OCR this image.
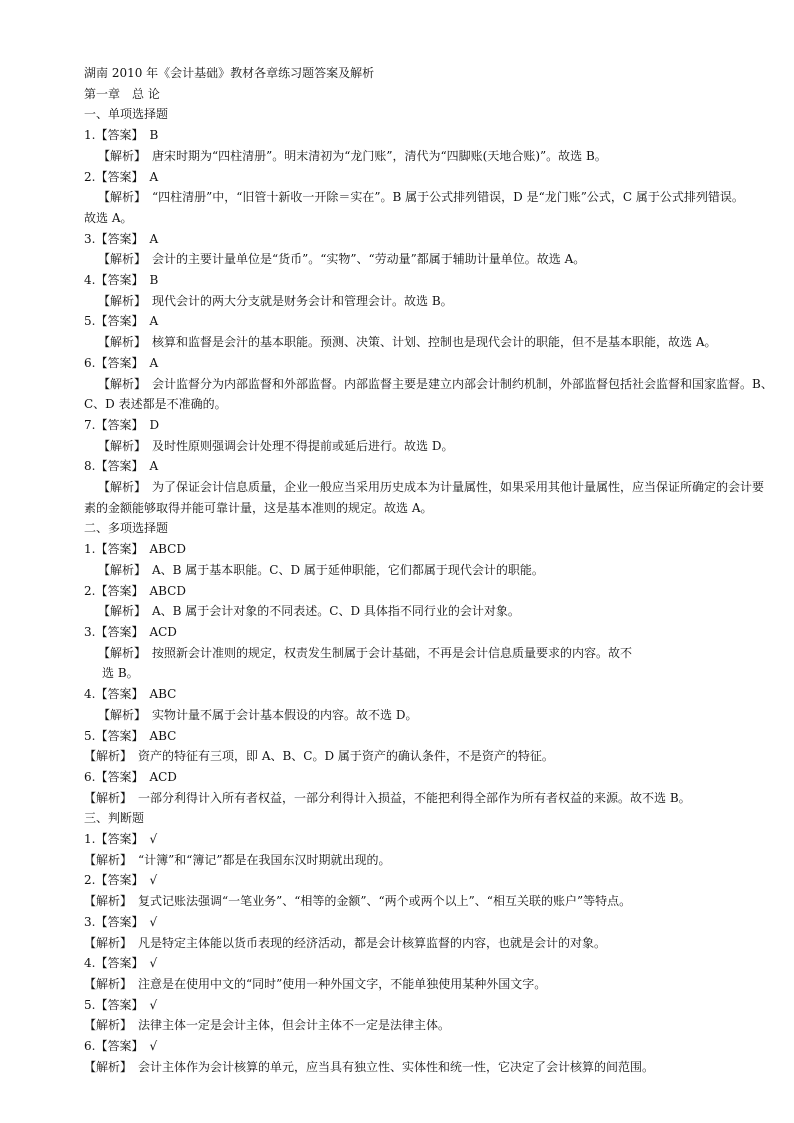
湖南 2010 年《会计基础》教材各章练习题答案及解析
第一章　总 论
一、单项选择题
1.【答案】　B
【解析】　唐宋时期为“四柱清册”。明末清初为“龙门账”，清代为“四脚账(天地合账)”。故选 B。
2.【答案】　A
【解析】　“四柱清册”中，“旧管十新收一开除＝实在”。B 属于公式排列错误，D 是“龙门账”公式，C 属于公式排列错误。
故选 A。
3.【答案】　A
【解析】　会计的主要计量单位是“货币”。“实物”、“劳动量”都属于辅助计量单位。故选 A。
4.【答案】　B
【解析】　现代会计的两大分支就是财务会计和管理会计。故选 B。
5.【答案】　A
【解析】　核算和监督是会汁的基本职能。预测、决策、计划、控制也是现代会计的职能，但不是基本职能，故选 A。
6.【答案】　A
【解析】　会计监督分为内部监督和外部监督。内部监督主要是建立内部会计制约机制，外部监督包括社会监督和国家监督。B、
C、D 表述都是不准确的。
7.【答案】　D
【解析】　及时性原则强调会计处理不得提前或延后进行。故选 D。
8.【答案】　A
【解析】　为了保证会计信息质量，企业一般应当采用历史成本为计量属性，如果采用其他计量属性，应当保证所确定的会计要
素的金额能够取得并能可靠计量，这是基本准则的规定。故选 A。
二、多项选择题
1.【答案】　ABCD
【解析】　A、B 属于基本职能。C、D 属于延伸职能，它们都属于现代会计的职能。
2.【答案】　ABCD
【解析】　A、B 属于会计对象的不同表述。C、D 具体指不同行业的会计对象。
3.【答案】　ACD
【解析】　按照新会计准则的规定，权责发生制属于会计基础，不再是会计信息质量要求的内容。故不
选 B。
4.【答案】　ABC
【解析】　实物计量不属于会计基本假设的内容。故不选 D。
5.【答案】　ABC
【解析】　资产的特征有三项，即 A、B、C。D 属于资产的确认条件，不是资产的特征。
6.【答案】　ACD
【解析】　一部分利得计入所有者权益，一部分利得计入损益，不能把利得全部作为所有者权益的来源。故不选 B。
三、判断题
1.【答案】　√
【解析】　“计簿”和“簿记”都是在我国东汉时期就出现的。
2.【答案】　√
【解析】　复式记账法强调“一笔业务”、“相等的金额”、“两个或两个以上”、“相互关联的账户”等特点。
3.【答案】　√
【解析】　凡是特定主体能以货币表现的经济活动，都是会计核算监督的内容，也就是会计的对象。
4.【答案】　√
【解析】　注意是在使用中文的“同时”使用一种外国文字，不能单独使用某种外国文字。
5.【答案】　√
【解析】　法律主体一定是会计主体，但会计主体不一定是法律主体。
6.【答案】　√
【解析】　会计主体作为会计核算的单元，应当具有独立性、实体性和统一性，它决定了会计核算的间范围。
